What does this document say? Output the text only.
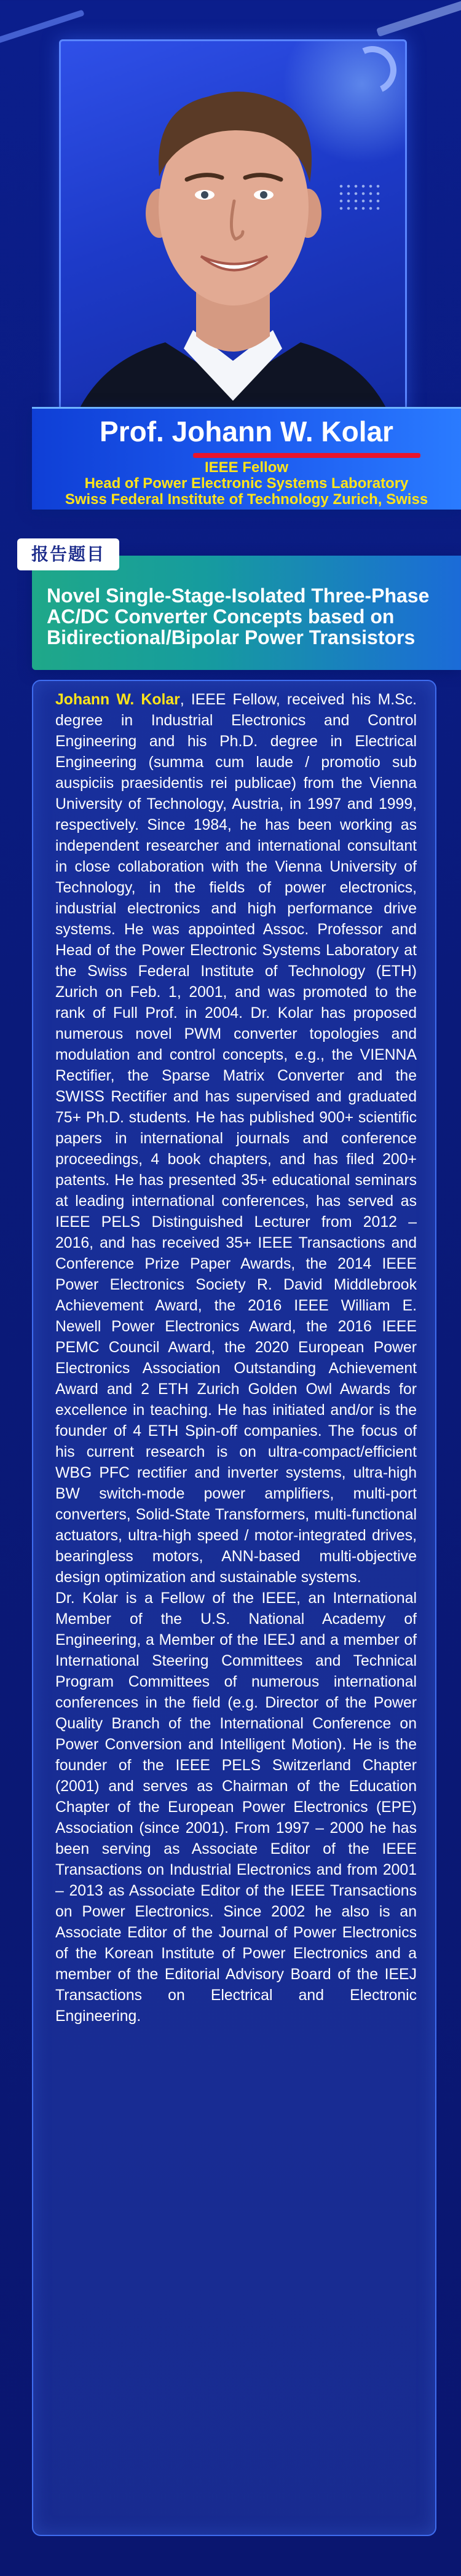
Prof. Johann W. Kolar
IEEE Fellow
Head of Power Electronic Systems Laboratory
Swiss Federal Institute of Technology Zurich, Swiss
Novel Single-Stage-Isolated Three-Phase AC/DC Converter Concepts based on Bidirectional/Bipolar Power Transistors
报告题目

Johann W. Kolar, IEEE Fellow, received his M.Sc. degree in Industrial Electronics and Control Engineering and his Ph.D. degree in Electrical Engineering (summa cum laude / promotio sub auspiciis praesidentis rei publicae) from the Vienna University of Technology, Austria, in 1997 and 1999, respectively. Since 1984, he has been working as independent researcher and international consultant in close collaboration with the Vienna University of Technology, in the fields of power electronics, industrial electronics and high performance drive systems. He was appointed Assoc. Professor and Head of the Power Electronic Systems Laboratory at the Swiss Federal Institute of Technology (ETH) Zurich on Feb. 1, 2001, and was promoted to the rank of Full Prof. in 2004. Dr. Kolar has proposed numerous novel PWM converter topologies and modulation and control concepts, e.g., the VIENNA Rectifier, the Sparse Matrix Converter and the SWISS Rectifier and has supervised and graduated 75+ Ph.D. students. He has published 900+ scientific papers in international journals and conference proceedings, 4 book chapters, and has filed 200+ patents. He has presented 35+ educational seminars at leading international conferences, has served as IEEE PELS Distinguished Lecturer from 2012 – 2016, and has received 35+ IEEE Transactions and Conference Prize Paper Awards, the 2014 IEEE Power Electronics Society R. David Middlebrook Achievement Award, the 2016 IEEE William E. Newell Power Electronics Award, the 2016 IEEE PEMC Council Award, the 2020 European Power Electronics Association Outstanding Achievement Award and 2 ETH Zurich Golden Owl Awards for excellence in teaching. He has initiated and/or is the founder of 4 ETH Spin-off companies. The focus of his current research is on ultra-compact/efficient WBG PFC rectifier and inverter systems, ultra-high BW switch-mode power amplifiers, multi-port converters, Solid-State Transformers, multi-functional actuators, ultra-high speed / motor-integrated drives, bearingless motors, ANN-based multi-objective design optimization and sustainable systems.

Dr. Kolar is a Fellow of the IEEE, an International Member of the U.S. National Academy of Engineering, a Member of the IEEJ and a member of International Steering Committees and Technical Program Committees of numerous international conferences in the field (e.g. Director of the Power Quality Branch of the International Conference on Power Conversion and Intelligent Motion). He is the founder of the IEEE PELS Switzerland Chapter (2001) and serves as Chairman of the Education Chapter of the European Power Electronics (EPE) Association (since 2001). From 1997 – 2000 he has been serving as Associate Editor of the IEEE Transactions on Industrial Electronics and from 2001 – 2013 as Associate Editor of the IEEE Transactions on Power Electronics. Since 2002 he also is an Associate Editor of the Journal of Power Electronics of the Korean Institute of Power Electronics and a member of the Editorial Advisory Board of the IEEJ Transactions on Electrical and Electronic Engineering.
